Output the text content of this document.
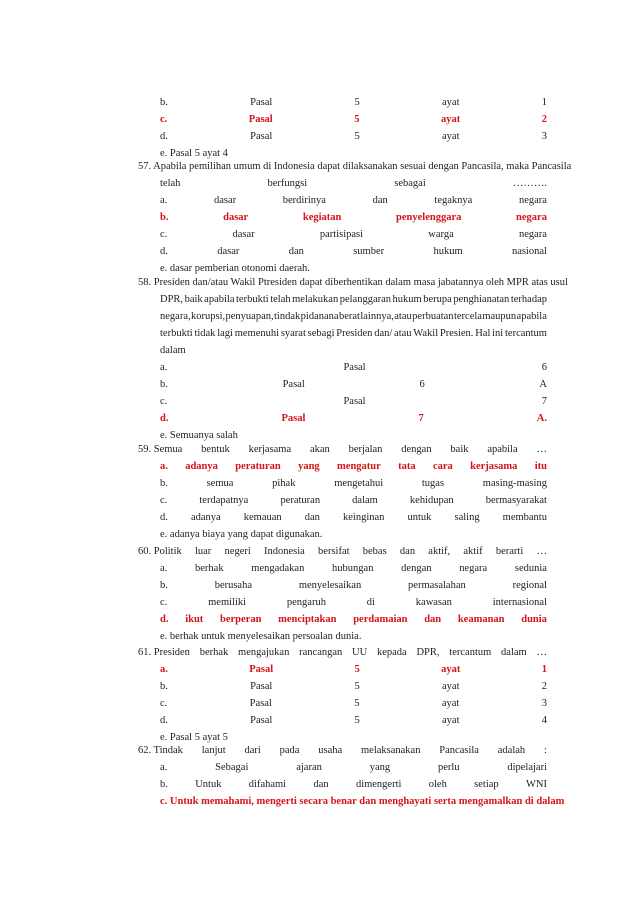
b.	Pasal	5	ayat	1
c.	Pasal	5	ayat	2
d.	Pasal	5	ayat	3
e. Pasal 5 ayat 4
57. Apabila pemilihan umum di Indonesia dapat dilaksanakan sesuai dengan Pancasila, maka Pancasila
telah	berfungsi	sebagai	……….
a.	dasar	berdirinya	dan	tegaknya	negara
b.	dasar	kegiatan	penyelenggara	negara
c.	dasar	partisipasi	warga	negara
d.	dasar	dan	sumber	hukum	nasional
e. dasar pemberian otonomi daerah.
58. Presiden dan/atau Wakil Ptresiden dapat diberhentikan dalam masa jabatannya oleh MPR atas usul
DPR, baik apabila terbukti telah melakukan pelanggaran hukum berupa penghianatan terhadap
negara, korupsi, penyuapan, tindak pidanana berat lainnya, atau perbuatan tercela maupun apabila
terbukti tidak lagi memenuhi syarat sebagi Presiden dan/ atau Wakil Presien. Hal ini tercantum
dalam
a.	Pasal	6
b.	Pasal	6	A
c.	Pasal	7
d.	Pasal	7	A.
e. Semuanya salah
59. Semua bentuk kerjasama akan berjalan dengan baik apabila …
a. adanya peraturan yang mengatur tata cara kerjasama itu
b.	semua	pihak	mengetahui	tugas	masing-masing
c.	terdapatnya	peraturan	dalam	kehidupan	bermasyarakat
d. adanya kemauan dan keinginan untuk saling membantu
e. adanya biaya yang dapat digunakan.
60. Politik luar negeri Indonesia bersifat bebas dan aktif, aktif berarti …
a.	berhak	mengadakan	hubungan	dengan	negara	sedunia
b.	berusaha	menyelesaikan	permasalahan	regional
c.	memiliki	pengaruh	di	kawasan	internasional
d. ikut berperan menciptakan perdamaian dan keamanan dunia
e. berhak untuk menyelesaikan persoalan dunia.
61. Presiden berhak mengajukan rancangan UU kepada DPR, tercantum dalam …
a.	Pasal	5	ayat	1
b.	Pasal	5	ayat	2
c.	Pasal	5	ayat	3
d.	Pasal	5	ayat	4
e. Pasal 5 ayat 5
62. Tindak lanjut dari pada usaha melaksanakan Pancasila adalah :
a.	Sebagai	ajaran	yang	perlu	dipelajari
b.	Untuk	difahami	dan	dimengerti	oleh	setiap	WNI
c. Untuk memahami, mengerti secara benar dan menghayati serta mengamalkan di dalam
